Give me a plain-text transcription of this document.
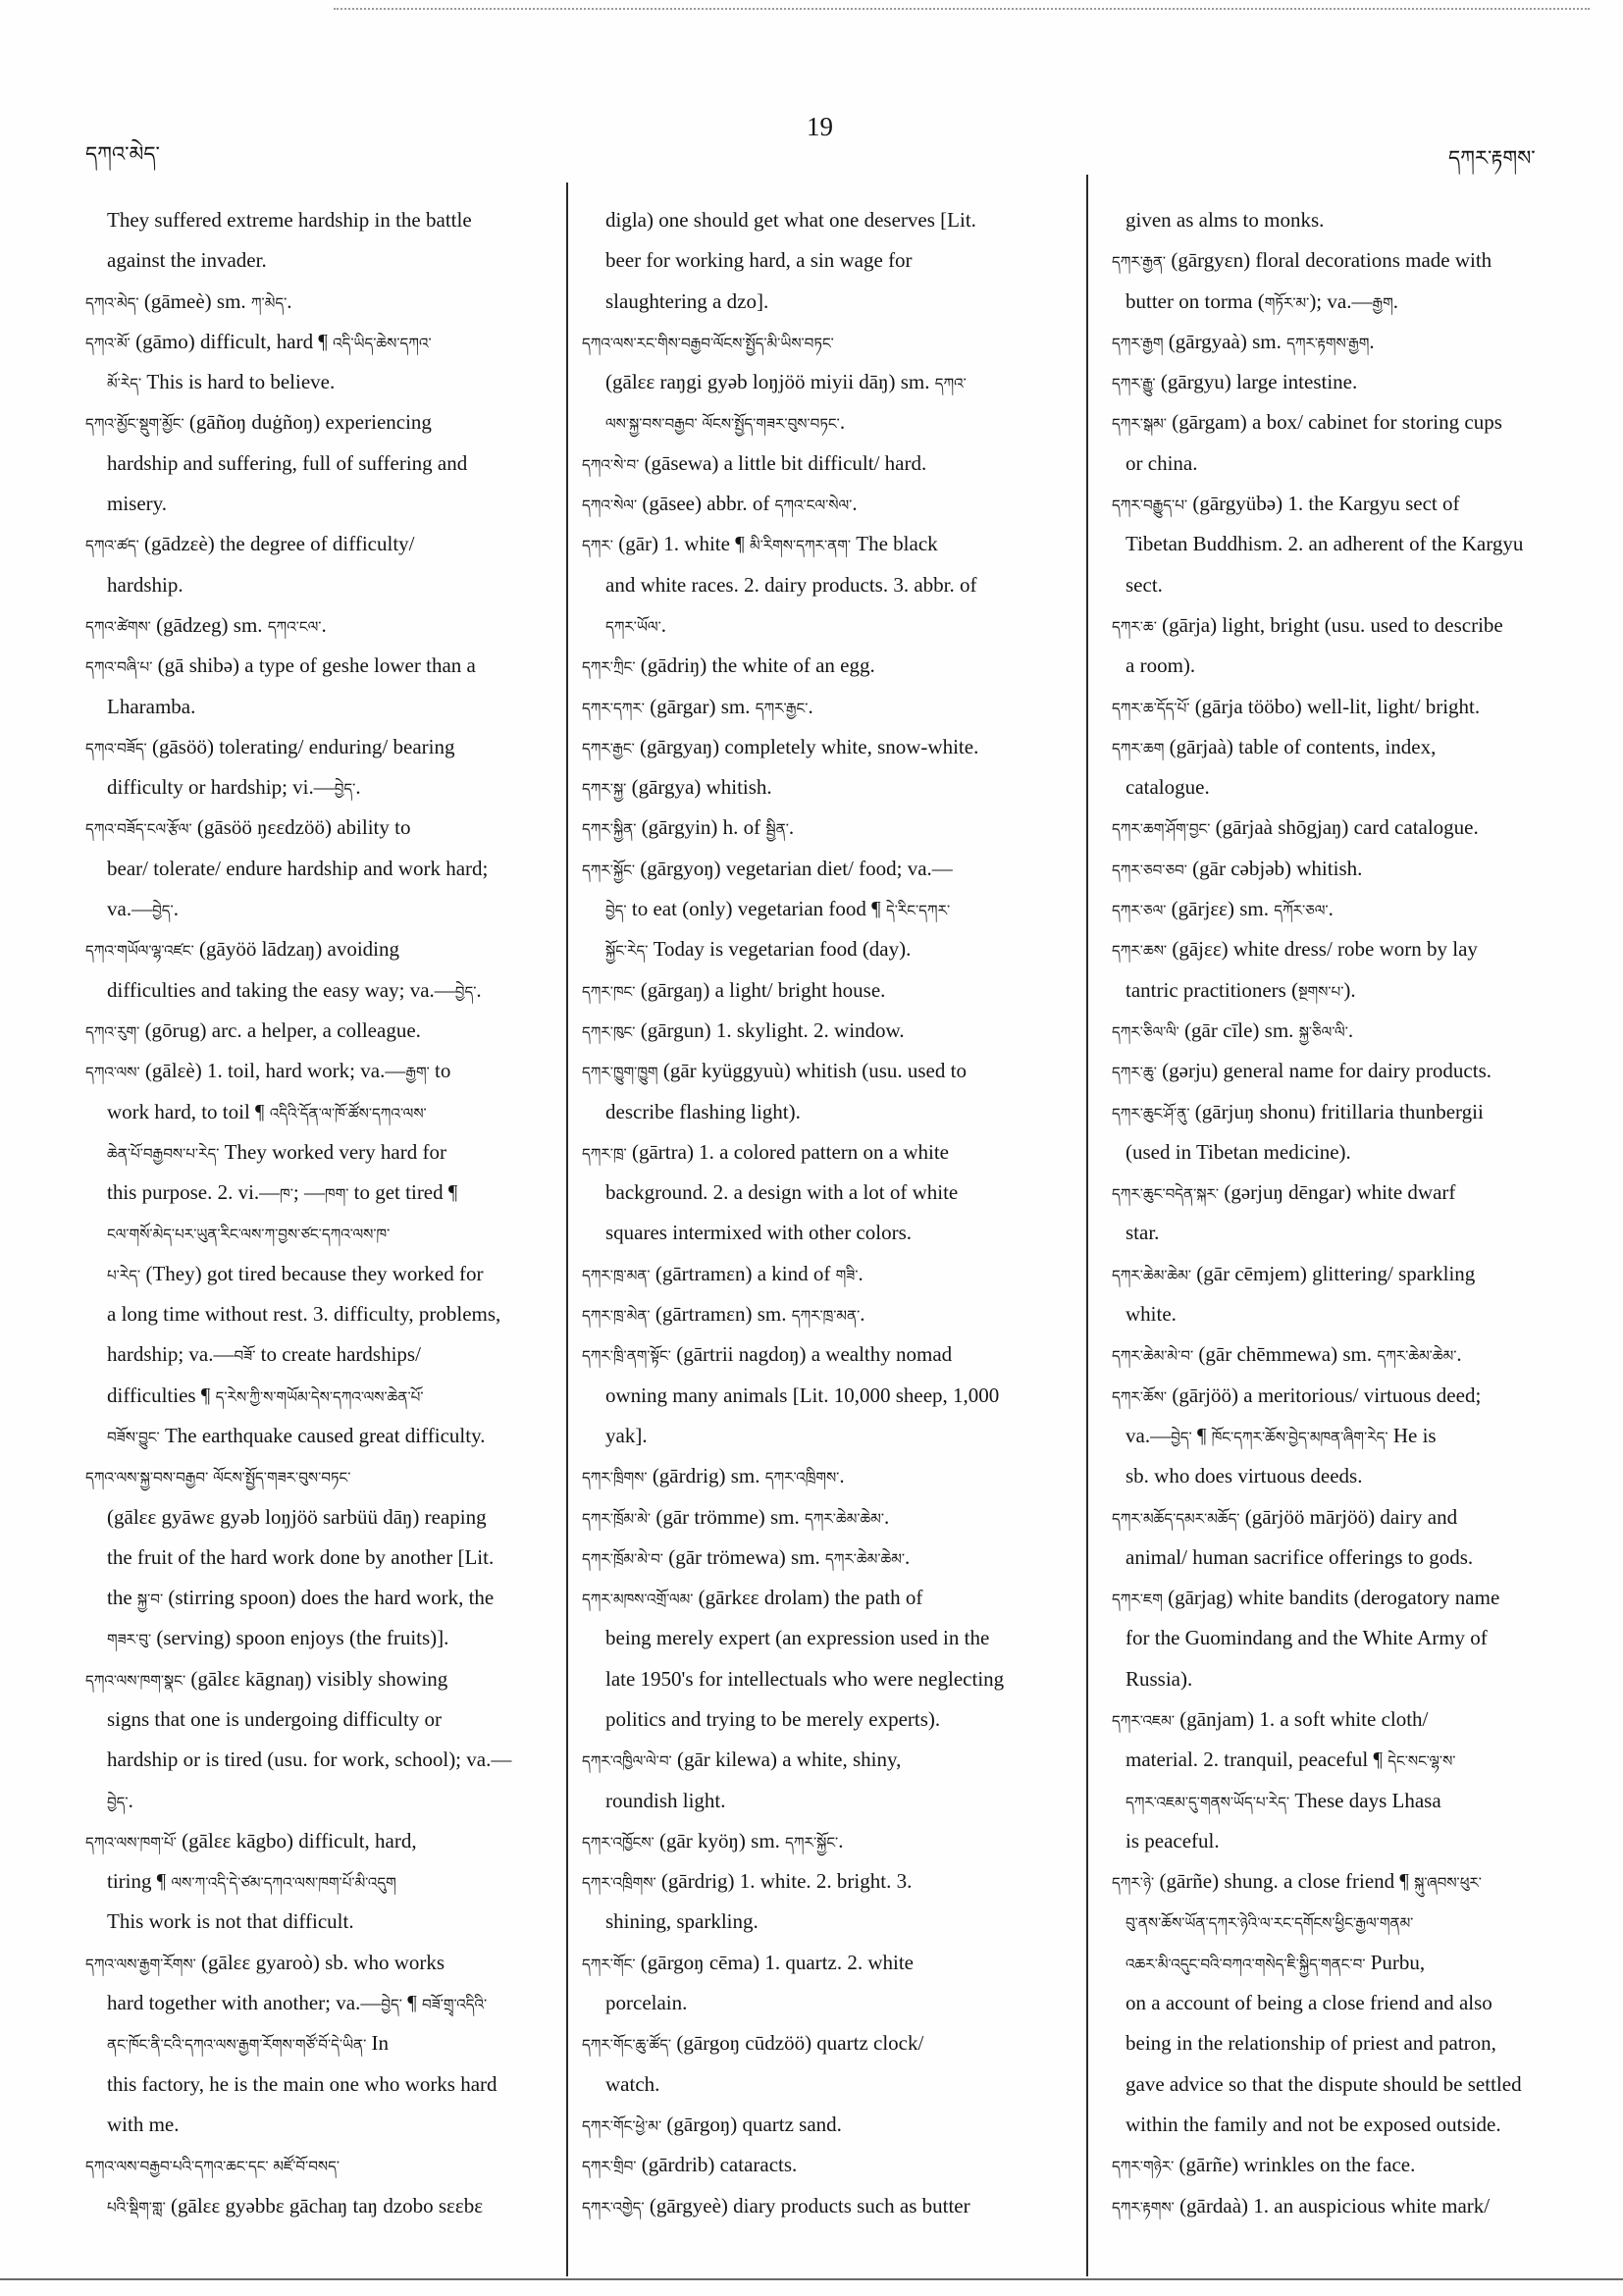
དཀའ་མེད་
19
དཀར་རྟགས་
They suffered extreme hardship in the battle
against the invader.
དཀའ་མེད་ (gāmeè) sm. ཀ་མེད་.
དཀའ་མོ་ (gāmo) difficult, hard ¶ འདི་ཡིད་ཆེས་དཀའ་
མོ་རེད་ This is hard to believe.
དཀའ་མྱོང་སྡུག་མྱོང་ (gāñoŋ duġñoŋ) experiencing
hardship and suffering, full of suffering and
misery.
དཀའ་ཚད་ (gādzɛè) the degree of difficulty/
hardship.
དཀའ་ཚེགས་ (gādzeg) sm. དཀའ་ངལ་.
དཀའ་བཞི་པ་ (gā shibə) a type of geshe lower than a
Lharamba.
དཀའ་བཟོད་ (gāsöö) tolerating/ enduring/ bearing
difficulty or hardship; vi.—བྱེད་.
དཀའ་བཟོད་ངལ་རྩོལ་ (gāsöö ŋɛɛdzöö) ability to
bear/ tolerate/ endure hardship and work hard;
va.—བྱེད་.
དཀའ་གཡོལ་ལྷ་འཛང་ (gāyöö lādzaŋ) avoiding
difficulties and taking the easy way; va.—བྱེད་.
དཀའ་རུག་ (gōrug) arc. a helper, a colleague.
དཀའ་ལས་ (gālɛè) 1. toil, hard work; va.—རྒྱག་ to
work hard, to toil ¶ འདིའི་དོན་ལ་ཁོ་ཚོས་དཀའ་ལས་
ཆེན་པོ་བརྒྱབས་པ་རེད་ They worked very hard for
this purpose. 2. vi.—ཁ་; —ཁག་ to get tired ¶
ངལ་གསོ་མེད་པར་ཡུན་རིང་ལས་ཀ་བྱས་ཙང་དཀའ་ལས་ཁ་
པ་རེད་ (They) got tired because they worked for
a long time without rest. 3. difficulty, problems,
hardship; va.—བཟོ་ to create hardships/
difficulties ¶ ད་རེས་ཀྱི་ས་གཡོམ་དེས་དཀའ་ལས་ཆེན་པོ་
བཟོས་བྱུང་ The earthquake caused great difficulty.
དཀའ་ལས་སྐྱ་བས་བརྒྱབ་ ལོངས་སྤྱོད་གཟར་བུས་བཏང་
(gālɛɛ gyāwɛ gyəb loŋjöö sarbüü dāŋ) reaping
the fruit of the hard work done by another [Lit.
the སྐྱ་བ་ (stirring spoon) does the hard work, the
གཟར་བུ་ (serving) spoon enjoys (the fruits)].
དཀའ་ལས་ཁག་སྣང་ (gālɛɛ kāgnaŋ) visibly showing
signs that one is undergoing difficulty or
hardship or is tired (usu. for work, school); va.—
བྱེད་.
དཀའ་ལས་ཁག་པོ་ (gālɛɛ kāgbo) difficult, hard,
tiring ¶ ལས་ཀ་འདི་དེ་ཙམ་དཀའ་ལས་ཁག་པོ་མི་འདུག
This work is not that difficult.
དཀའ་ལས་རྒྱག་རོགས་ (gālɛɛ gyaroò) sb. who works
hard together with another; va.—བྱེད་ ¶ བཟོ་གྲྭ་འདིའི་
ནང་ཁོང་ནི་ངའི་དཀའ་ལས་རྒྱག་རོགས་གཙོ་བོ་དེ་ཡིན་ In
this factory, he is the main one who works hard
with me.
དཀའ་ལས་བརྒྱབ་པའི་དཀའ་ཆང་དང་ མཛོ་བོ་བསད་
པའི་སྡིག་གླ་ (gālɛɛ gyəbbɛ gāchaŋ taŋ dzobo sɛɛbɛ
digla) one should get what one deserves [Lit.
beer for working hard, a sin wage for
slaughtering a dzo].
དཀའ་ལས་རང་གིས་བརྒྱབ་ལོངས་སྤྱོད་མི་ཡིས་བཏང་
(gālɛɛ raŋgi gyəb loŋjöö miyii dāŋ) sm. དཀའ་
ལས་སྐྱ་བས་བརྒྱབ་ ལོངས་སྤྱོད་གཟར་བུས་བཏང་.
དཀའ་སེ་བ་ (gāsewa) a little bit difficult/ hard.
དཀའ་སེལ་ (gāsee) abbr. of དཀའ་ངལ་སེལ་.
དཀར་ (gār) 1. white ¶ མི་རིགས་དཀར་ནག་ The black
and white races. 2. dairy products. 3. abbr. of
དཀར་ཡོལ་.
དཀར་ཀྲིང་ (gādriŋ) the white of an egg.
དཀར་དཀར་ (gārgar) sm. དཀར་རྒྱང་.
དཀར་རྒྱང་ (gārgyaŋ) completely white, snow-white.
དཀར་སྐྱ་ (gārgya) whitish.
དཀར་སྐྱིན་ (gārgyin) h. of སྦྱིན་.
དཀར་སྐྱོང་ (gārgyoŋ) vegetarian diet/ food; va.—
བྱེད་ to eat (only) vegetarian food ¶ དེ་རིང་དཀར་
སྐྱོང་རེད་ Today is vegetarian food (day).
དཀར་ཁང་ (gārgaŋ) a light/ bright house.
དཀར་ཁུང་ (gārgun) 1. skylight. 2. window.
དཀར་ཁྱུག་ཁྱུག (gār kyüggyuù) whitish (usu. used to
describe flashing light).
དཀར་ཁྲ་ (gārtra) 1. a colored pattern on a white
background. 2. a design with a lot of white
squares intermixed with other colors.
དཀར་ཁྲ་མན་ (gārtramɛn) a kind of གཟི་.
དཀར་ཁྲ་མེན་ (gārtramɛn) sm. དཀར་ཁྲ་མན་.
དཀར་ཁྲི་ནག་སྟོང་ (gārtrii nagdoŋ) a wealthy nomad
owning many animals [Lit. 10,000 sheep, 1,000
yak].
དཀར་ཁྲིགས་ (gārdrig) sm. དཀར་འཁྲིགས་.
དཀར་ཁྲོམ་མེ་ (gār trömme) sm. དཀར་ཆེམ་ཆེམ་.
དཀར་ཁྲོམ་མེ་བ་ (gār trömewa) sm. དཀར་ཆེམ་ཆེམ་.
དཀར་མཁས་འགྲོ་ལམ་ (gārkɛɛ drolam) the path of
being merely expert (an expression used in the
late 1950's for intellectuals who were neglecting
politics and trying to be merely experts).
དཀར་འཁྱིལ་ལེ་བ་ (gār kilewa) a white, shiny,
roundish light.
དཀར་འཁྱོངས་ (gār kyöŋ) sm. དཀར་སྐྱོང་.
དཀར་འཁྲིགས་ (gārdrig) 1. white. 2. bright. 3.
shining, sparkling.
དཀར་གོང་ (gārgoŋ cēma) 1. quartz. 2. white
porcelain.
དཀར་གོང་ཆུ་ཚོད་ (gārgoŋ cūdzöö) quartz clock/
watch.
དཀར་གོང་ཕྱེ་མ་ (gārgoŋ) quartz sand.
དཀར་གྲིབ་ (gārdrib) cataracts.
དཀར་འགྱེད་ (gārgyeè) diary products such as butter
given as alms to monks.
དཀར་རྒྱན་ (gārgyɛn) floral decorations made with
butter on torma (གཏོར་མ་); va.—རྒྱག.
དཀར་རྒྱག (gārgyaà) sm. དཀར་རྟགས་རྒྱག.
དཀར་རྒྱུ་ (gārgyu) large intestine.
དཀར་སྒམ་ (gārgam) a box/ cabinet for storing cups
or china.
དཀར་བརྒྱུད་པ་ (gārgyübə) 1. the Kargyu sect of
Tibetan Buddhism. 2. an adherent of the Kargyu
sect.
དཀར་ཆ་ (gārja) light, bright (usu. used to describe
a room).
དཀར་ཆ་དོད་པོ་ (gārja tööbo) well-lit, light/ bright.
དཀར་ཆག (gārjaà) table of contents, index,
catalogue.
དཀར་ཆག་ཤོག་བྱང་ (gārjaà shōgjaŋ) card catalogue.
དཀར་ཅབ་ཅབ་ (gār cəbjəb) whitish.
དཀར་ཅལ་ (gārjɛɛ) sm. དཀོར་ཅལ་.
དཀར་ཆས་ (gājɛɛ) white dress/ robe worn by lay
tantric practitioners (སྔགས་པ་).
དཀར་ཅིལ་ལི་ (gār cīle) sm. སྐྱ་ཅིལ་ལི་.
དཀར་ཆུ་ (gərju) general name for dairy products.
དཀར་ཆུང་ཤོ་ནུ་ (gārjuŋ shonu) fritillaria thunbergii
(used in Tibetan medicine).
དཀར་ཆུང་བདེན་སྐར་ (gərjuŋ dēngar) white dwarf
star.
དཀར་ཆེམ་ཆེམ་ (gār cēmjem) glittering/ sparkling
white.
དཀར་ཆེམ་མེ་བ་ (gār chēmmewa) sm. དཀར་ཆེམ་ཆེམ་.
དཀར་ཆོས་ (gārjöö) a meritorious/ virtuous deed;
va.—བྱེད་ ¶ ཁོང་དཀར་ཆོས་བྱེད་མཁན་ཞིག་རེད་ He is
sb. who does virtuous deeds.
དཀར་མཆོད་དམར་མཆོད་ (gārjöö mārjöö) dairy and
animal/ human sacrifice offerings to gods.
དཀར་ཇག (gārjag) white bandits (derogatory name
for the Guomindang and the White Army of
Russia).
དཀར་འཇམ་ (gānjam) 1. a soft white cloth/
material. 2. tranquil, peaceful ¶ དེང་སང་ལྷ་ས་
དཀར་འཇམ་དུ་གནས་ཡོད་པ་རེད་ These days Lhasa
is peaceful.
དཀར་ཉེ་ (gārñe) shung. a close friend ¶ སྐུ་ཞབས་ཕུར་
བུ་ནས་ཆོས་ཡོན་དཀར་ཉེའི་ལ་རང་དགོངས་ཕྱིང་རྒྱལ་གནམ་
འཆར་མི་འདུང་བའི་བཀའ་གསེད་ཇི་སྐྱིད་གནང་བ་ Purbu,
on a account of being a close friend and also
being in the relationship of priest and patron,
gave advice so that the dispute should be settled
within the family and not be exposed outside.
དཀར་གཉེར་ (gārñe) wrinkles on the face.
དཀར་རྟགས་ (gārdaà) 1. an auspicious white mark/
